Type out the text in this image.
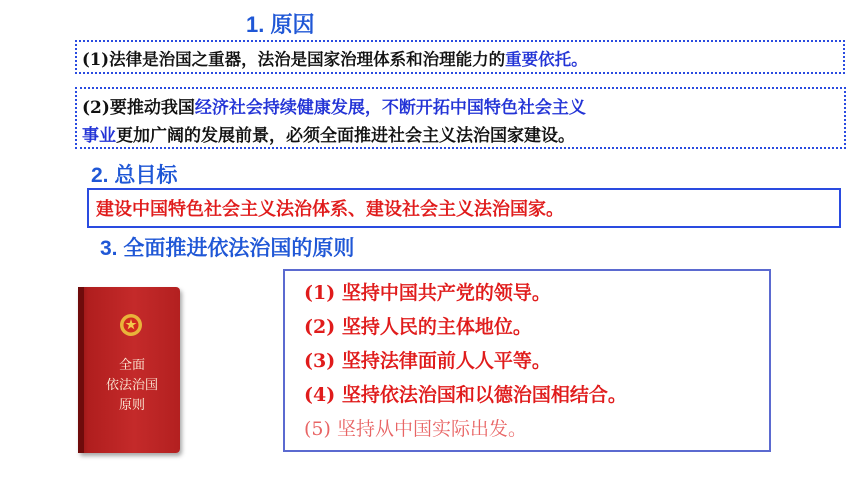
1. 原因
(1)法律是治国之重器，法治是国家治理体系和治理能力的重要依托。
(2)要推动我国经济社会持续健康发展，不断开拓中国特色社会主义
事业更加广阔的发展前景，必须全面推进社会主义法治国家建设。
2. 总目标
建设中国特色社会主义法治体系、建设社会主义法治国家。
3. 全面推进依法治国的原则
全面
依法治国
原则
(1) 坚持中国共产党的领导。
(2) 坚持人民的主体地位。
(3) 坚持法律面前人人平等。
(4) 坚持依法治国和以德治国相结合。
(5) 坚持从中国实际出发。
